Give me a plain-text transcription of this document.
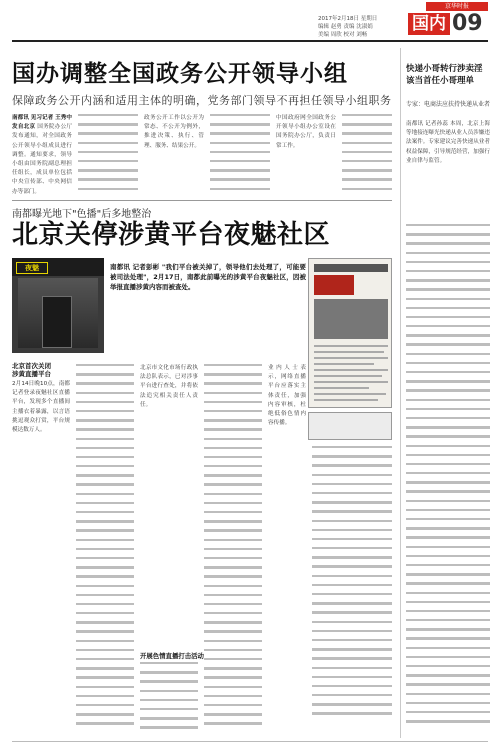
京华时报
2017年2月18日 星期日
编辑 赵勇 责编 沈淑娟
美编 周欣 校对 刘畅
国内 09
国办调整全国政务公开领导小组
保障政务公开内涵和适用主体的明确，党务部门领导不再担任领导小组职务
南都讯 见习记者 王秀中 发自北京 国务院办公厅发布通知，对全国政务公开领导小组成员进行调整。通知要求，领导小组由国务院副总理担任组长，成员单位包括中央宣传部、中央网信办等部门。
政务公开工作以公开为常态、不公开为例外，推进决策、执行、管理、服务、结果公开。
中国政府网全国政务公开领导小组办公室设在国务院办公厅，负责日常工作。
南都曝光地下"色播"后多地整治
北京关停涉黄平台夜魅社区
夜魅	南都讯 记者彭彬 "我们平台被关掉了，领导他们去处理了，可能要被司法处理"，2月17日，南都此前曝光的涉黄平台夜魅社区，因被举报直播涉黄内容而被查处。
北京首次关闭
涉黄直播平台
2月14日晚10点，南都记者登录夜魅社区直播平台，发现多个直播间主播衣着暴露，以言语挑逗观众打赏，平台规模达数万人。
北京市文化市场行政执法总队表示，已对涉事平台进行查处，并将依法追究相关责任人责任。
开展色情直播打击活动
业内人士表示，网络直播平台应落实主体责任，加强内容审核，杜绝低俗色情内容传播。
快递小哥转行涉卖淫该当首任小哥理单
专家：电商法应扶持快递从业者
南都讯 记者孙蕊 本周，北京上海等地接连曝光快递从业人员涉嫌违法案件。专家建议完善快递从业者权益保障，引导规范经营，加强行业自律与监管。
